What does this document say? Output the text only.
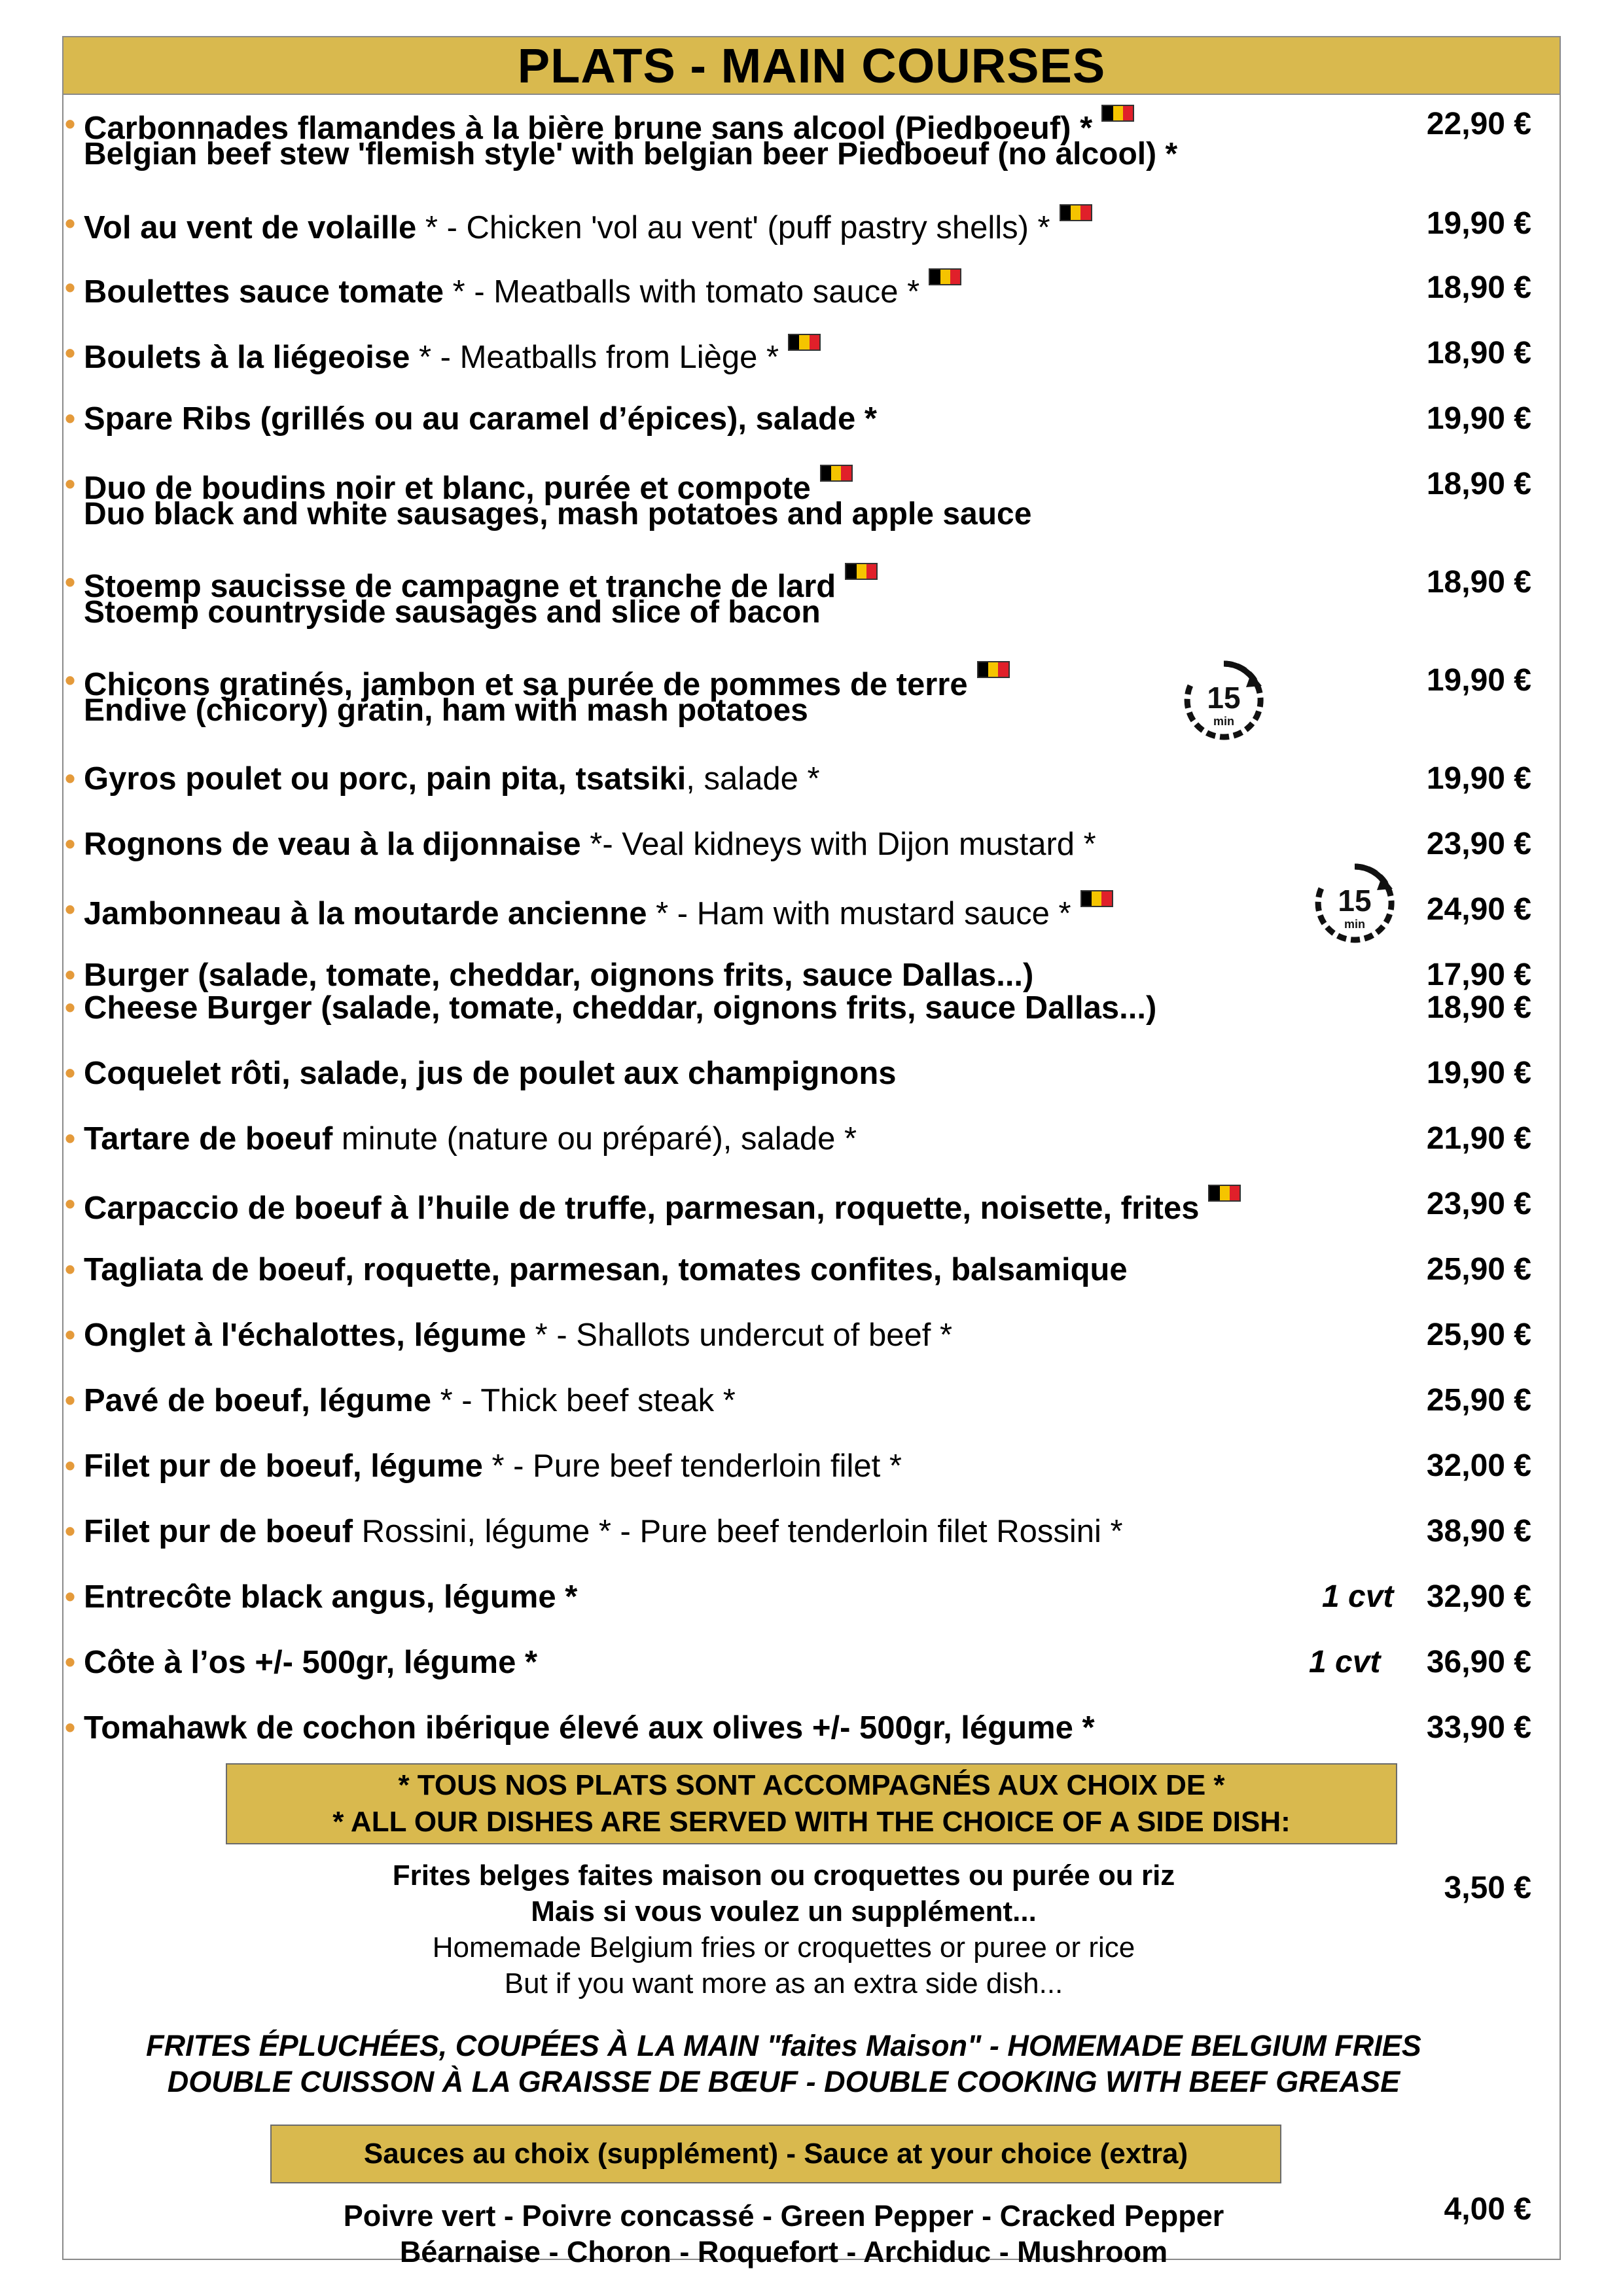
PLATS - MAIN COURSES
• Carbonnades flamandes à la bière brune sans alcool (Piedboeuf) *
Belgian beef stew 'flemish style' with belgian beer Piedboeuf (no alcool) *
22,90 €
• Vol au vent de volaille * - Chicken 'vol au vent' (puff pastry shells) *	19,90 €
• Boulettes sauce tomate * - Meatballs with tomato sauce *	18,90 €
• Boulets à la liégeoise * - Meatballs from Liège *	18,90 €
• Spare Ribs (grillés ou au caramel d’épices), salade *	19,90 €
• Duo de boudins noir et blanc, purée et compote
Duo black and white sausages, mash potatoes and apple sauce
18,90 €
• Stoemp saucisse de campagne et tranche de lard
Stoemp countryside sausages and slice of bacon
18,90 €
• Chicons gratinés, jambon et sa purée de pommes de terre
Endive (chicory) gratin, ham with mash potatoes
19,90 €
• Gyros poulet ou porc, pain pita, tsatsiki, salade *	19,90 €
• Rognons de veau à la dijonnaise *- Veal kidneys with Dijon mustard *	23,90 €
• Jambonneau à la moutarde ancienne * - Ham with mustard sauce *	24,90 €
• Burger (salade, tomate, cheddar, oignons frits, sauce Dallas...)	17,90 €
• Cheese Burger (salade, tomate, cheddar, oignons frits, sauce Dallas...)	18,90 €
• Coquelet rôti, salade, jus de poulet aux champignons	19,90 €
• Tartare de boeuf minute (nature ou préparé), salade *	21,90 €
• Carpaccio de boeuf à l’huile de truffe, parmesan, roquette, noisette, frites	23,90 €
• Tagliata de boeuf, roquette, parmesan, tomates confites, balsamique	25,90 €
• Onglet à l'échalottes, légume * - Shallots undercut of beef *	25,90 €
• Pavé de boeuf, légume * - Thick beef steak *	25,90 €
• Filet pur de boeuf, légume * - Pure beef tenderloin filet *	32,00 €
• Filet pur de boeuf Rossini, légume * - Pure beef tenderloin filet Rossini *	38,90 €
• Entrecôte black angus, légume *	1 cvt 32,90 €
• Côte à l’os +/- 500gr, légume *	1 cvt 36,90 €
• Tomahawk de cochon ibérique élevé aux olives +/- 500gr, légume *	33,90 €
* TOUS NOS PLATS SONT ACCOMPAGNÉS AUX CHOIX DE *
* ALL OUR DISHES ARE SERVED WITH THE CHOICE OF A SIDE DISH:
Frites belges faites maison ou croquettes ou purée ou riz
Mais si vous voulez un supplément...
Homemade Belgium fries or croquettes or puree or rice
But if you want more as an extra side dish...
3,50 €
FRITES ÉPLUCHÉES, COUPÉES À LA MAIN "faites Maison" - HOMEMADE BELGIUM FRIES
DOUBLE CUISSON À LA GRAISSE DE BŒUF - DOUBLE COOKING WITH BEEF GREASE
Sauces au choix (supplément) - Sauce at your choice (extra)
Poivre vert - Poivre concassé - Green Pepper - Cracked Pepper
Béarnaise - Choron - Roquefort - Archiduc - Mushroom
4,00 €
15
min
15
min
